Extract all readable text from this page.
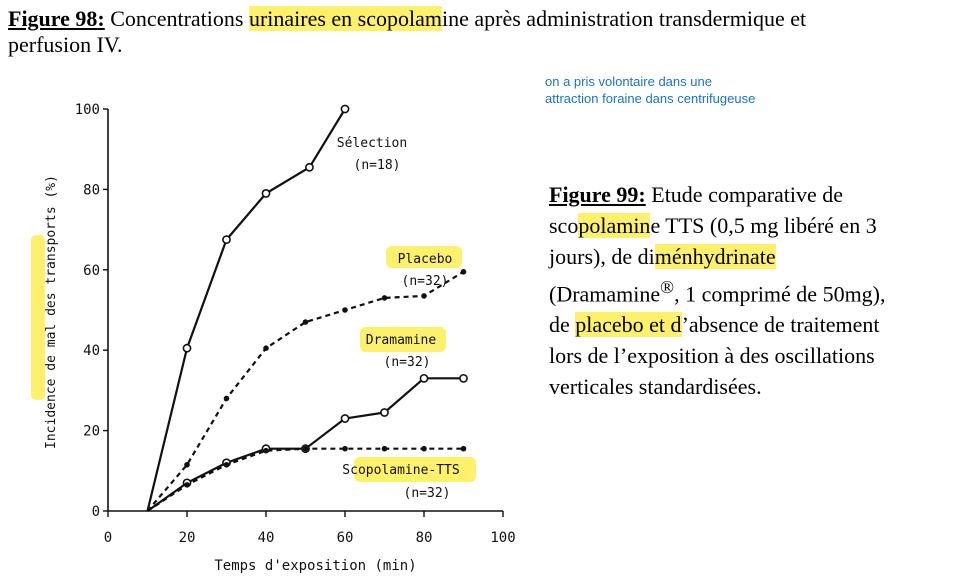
Figure 98: Concentrations urinaires en scopolamine après administration transdermique et perfusion IV.
on a pris volontaire dans une
attraction foraine dans centrifugeuse
Figure 99: Etude comparative de scopolamine TTS (0,5 mg libéré en 3 jours), de diménhydrinate (Dramamine®, 1 comprimé de 50mg), de placebo et d’absence de traitement lors de l’exposition à des oscillations verticales standardisées.
0
20
40
60
80
100
0	20	40	60	80	100
Temps d'exposition (min)
Incidence de mal des transports (%)
Sélection
(n=18)
Placebo
(n=32)
Dramamine
(n=32)
Scopolamine-TTS
(n=32)
